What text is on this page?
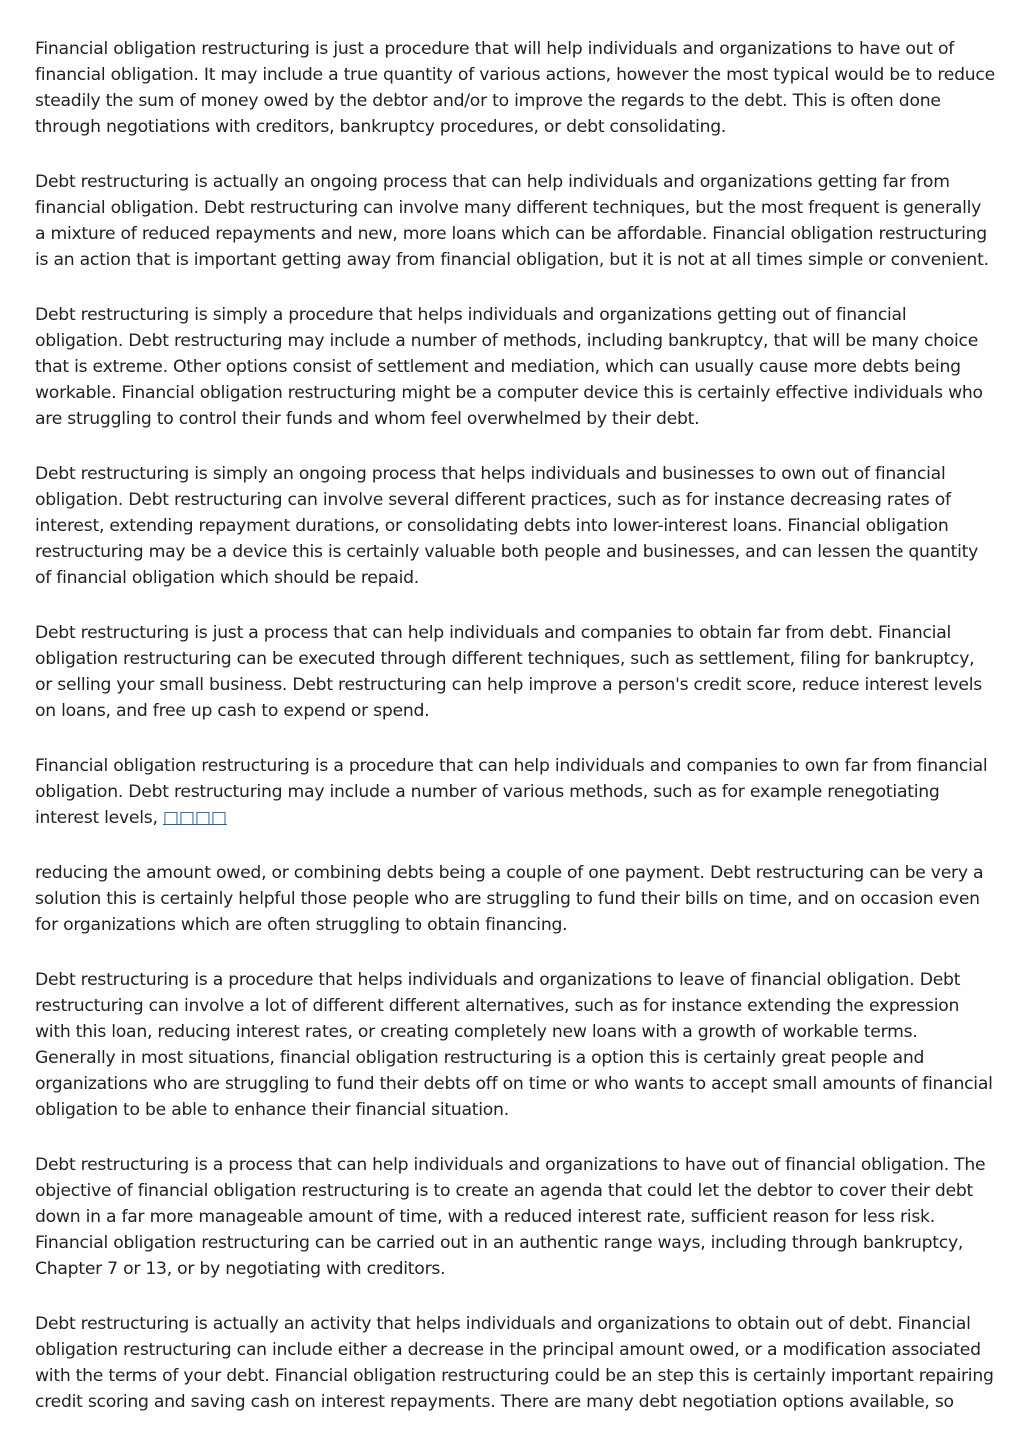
Financial obligation restructuring is just a procedure that will help individuals and organizations to have out of financial obligation. It may include a true quantity of various actions, however the most typical would be to reduce steadily the sum of money owed by the debtor and/or to improve the regards to the debt. This is often done through negotiations with creditors, bankruptcy procedures, or debt consolidating.

Debt restructuring is actually an ongoing process that can help individuals and organizations getting far from financial obligation. Debt restructuring can involve many different techniques, but the most frequent is generally a mixture of reduced repayments and new, more loans which can be affordable. Financial obligation restructuring is an action that is important getting away from financial obligation, but it is not at all times simple or convenient.

Debt restructuring is simply a procedure that helps individuals and organizations getting out of financial obligation. Debt restructuring may include a number of methods, including bankruptcy, that will be many choice that is extreme. Other options consist of settlement and mediation, which can usually cause more debts being workable. Financial obligation restructuring might be a computer device this is certainly effective individuals who are struggling to control their funds and whom feel overwhelmed by their debt.

Debt restructuring is simply an ongoing process that helps individuals and businesses to own out of financial obligation. Debt restructuring can involve several different practices, such as for instance decreasing rates of interest, extending repayment durations, or consolidating debts into lower-interest loans. Financial obligation restructuring may be a device this is certainly valuable both people and businesses, and can lessen the quantity of financial obligation which should be repaid.

Debt restructuring is just a process that can help individuals and companies to obtain far from debt. Financial obligation restructuring can be executed through different techniques, such as settlement, filing for bankruptcy, or selling your small business. Debt restructuring can help improve a person's credit score, reduce interest levels on loans, and free up cash to expend or spend.

Financial obligation restructuring is a procedure that can help individuals and companies to own far from financial obligation. Debt restructuring may include a number of various methods, such as for example renegotiating interest levels, □□□□

reducing the amount owed, or combining debts being a couple of one payment. Debt restructuring can be very a solution this is certainly helpful those people who are struggling to fund their bills on time, and on occasion even for organizations which are often struggling to obtain financing.

Debt restructuring is a procedure that helps individuals and organizations to leave of financial obligation. Debt restructuring can involve a lot of different different alternatives, such as for instance extending the expression with this loan, reducing interest rates, or creating completely new loans with a growth of workable terms. Generally in most situations, financial obligation restructuring is a option this is certainly great people and organizations who are struggling to fund their debts off on time or who wants to accept small amounts of financial obligation to be able to enhance their financial situation.

Debt restructuring is a process that can help individuals and organizations to have out of financial obligation. The objective of financial obligation restructuring is to create an agenda that could let the debtor to cover their debt down in a far more manageable amount of time, with a reduced interest rate, sufficient reason for less risk. Financial obligation restructuring can be carried out in an authentic range ways, including through bankruptcy, Chapter 7 or 13, or by negotiating with creditors.

Debt restructuring is actually an activity that helps individuals and organizations to obtain out of debt. Financial obligation restructuring can include either a decrease in the principal amount owed, or a modification associated with the terms of your debt. Financial obligation restructuring could be an step this is certainly important repairing credit scoring and saving cash on interest repayments. There are many debt negotiation options available, so
